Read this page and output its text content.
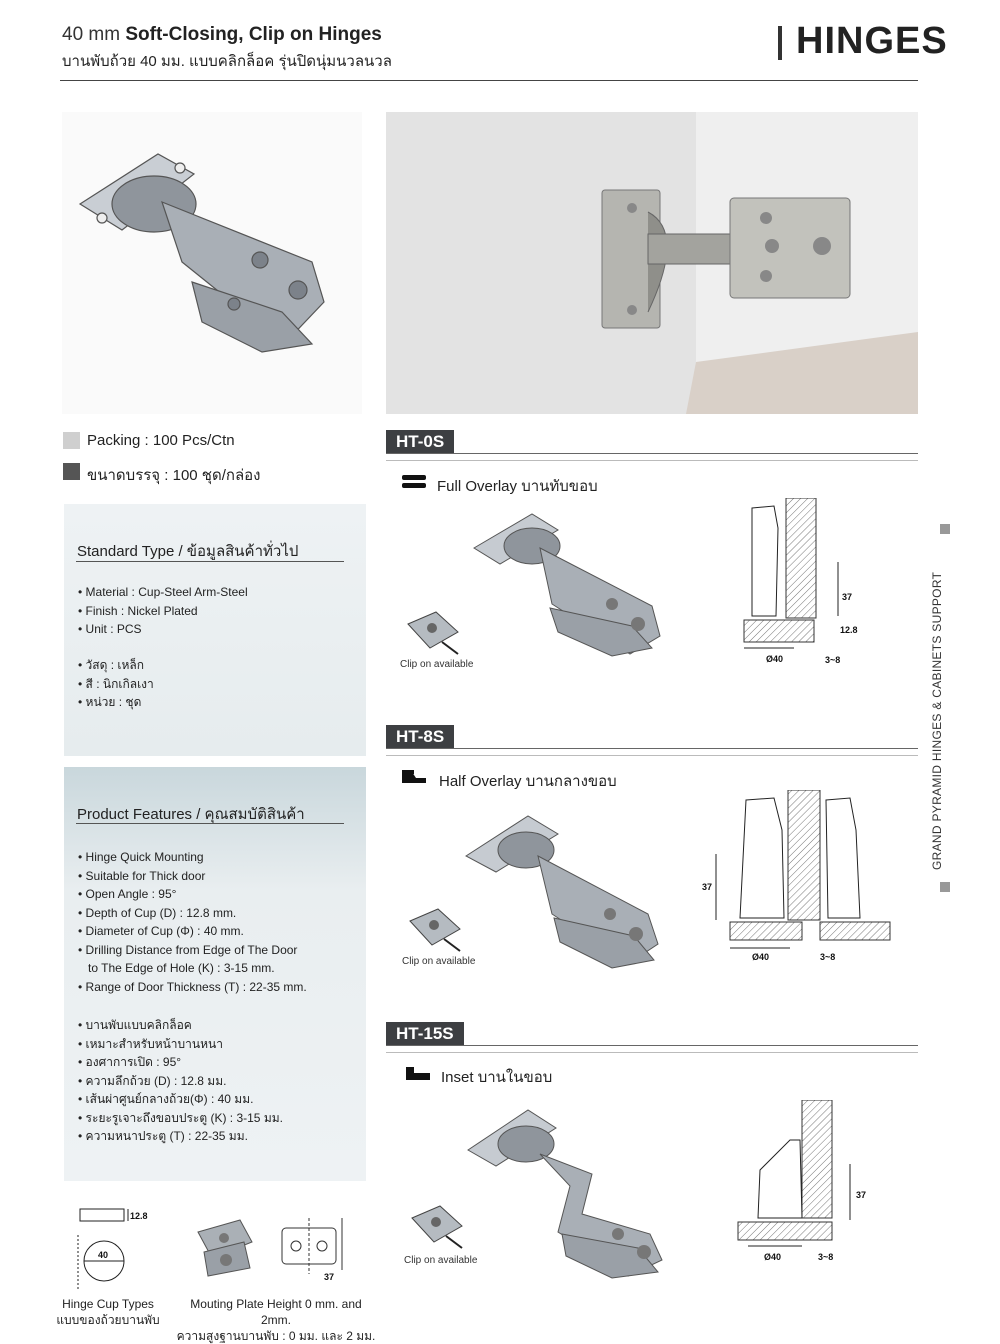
40 mm Soft-Closing, Clip on Hinges
บานพับถ้วย 40 มม. แบบคลิกล็อค รุ่นปิดนุ่มนวลนวล	HINGES
Packing : 100 Pcs/Ctn
ขนาดบรรจุ : 100 ชุด/กล่อง
Standard Type / ข้อมูลสินค้าทั่วไป
• Material : Cup-Steel Arm-Steel
• Finish : Nickel Plated
• Unit : PCS
• วัสดุ : เหล็ก
• สี : นิกเกิลเงา
• หน่วย : ชุด
Product Features / คุณสมบัติสินค้า
• Hinge Quick Mounting
• Suitable for Thick door
• Open Angle : 95°
• Depth of Cup (D) : 12.8 mm.
• Diameter of Cup (Φ) : 40 mm.
• Drilling Distance from Edge of The Door
to The Edge of Hole (K) : 3-15 mm.
• Range of Door Thickness (T) : 22-35 mm.
• บานพับแบบคลิกล็อค
• เหมาะสำหรับหน้าบานหนา
• องศาการเปิด : 95°
• ความลึกถ้วย (D) : 12.8 มม.
• เส้นผ่าศูนย์กลางถ้วย(Φ) : 40 มม.
• ระยะรูเจาะถึงขอบประตู (K) : 3-15 มม.
• ความหนาประตู (T) : 22-35 มม.
12.8
40
Hinge Cup Types
แบบของถ้วยบานพับ
37
Mouting Plate Height 0 mm. and 2mm.
ความสูงฐานบานพับ : 0 มม. และ 2 มม.
HT-0S
Full Overlay บานทับขอบ
Clip on available	Ø40	3~8
37
12.8
HT-8S
Half Overlay บานกลางขอบ
Clip on available
37
Ø40	3~8
HT-15S
Inset บานในขอบ
Clip on available
37
Ø40	3~8
GRAND PYRAMID HINGES & CABINETS SUPPORT
